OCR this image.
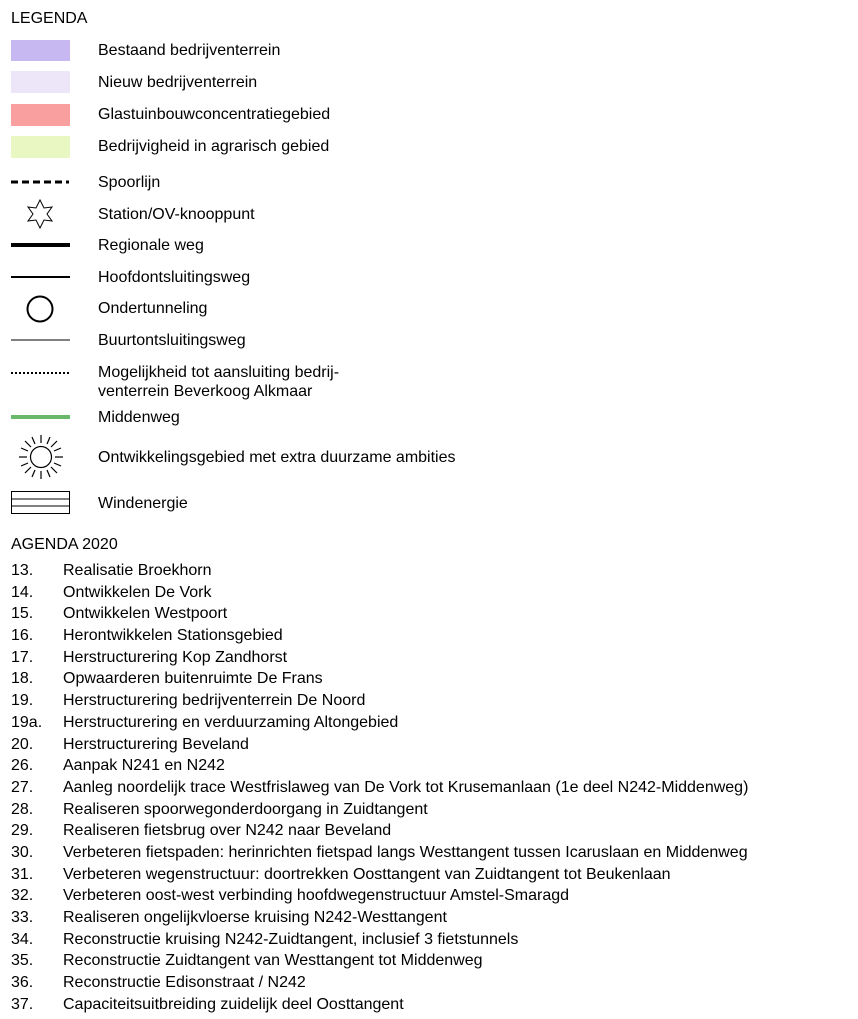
LEGENDA
Bestaand bedrijventerrein
Nieuw bedrijventerrein
Glastuinbouwconcentratiegebied
Bedrijvigheid in agrarisch gebied
Spoorlijn
Station/OV-knooppunt
Regionale weg
Hoofdontsluitingsweg
Ondertunneling
Buurtontsluitingsweg
Mogelijkheid tot aansluiting bedrij-
venterrein Beverkoog Alkmaar
Middenweg
Ontwikkelingsgebied met extra duurzame ambities
Windenergie
AGENDA 2020
13. Realisatie Broekhorn
14. Ontwikkelen De Vork
15. Ontwikkelen Westpoort
16. Herontwikkelen Stationsgebied
17. Herstructurering Kop Zandhorst
18. Opwaarderen buitenruimte De Frans
19. Herstructurering bedrijventerrein De Noord
19a. Herstructurering en verduurzaming Altongebied
20. Herstructurering Beveland
26. Aanpak N241 en N242
27. Aanleg noordelijk trace Westfrislaweg van De Vork tot Krusemanlaan (1e deel N242-Middenweg)
28. Realiseren spoorwegonderdoorgang in Zuidtangent
29. Realiseren fietsbrug over N242 naar Beveland
30. Verbeteren fietspaden: herinrichten fietspad langs Westtangent tussen Icaruslaan en Middenweg
31. Verbeteren wegenstructuur: doortrekken Oosttangent van Zuidtangent tot Beukenlaan
32. Verbeteren oost-west verbinding hoofdwegenstructuur Amstel-Smaragd
33. Realiseren ongelijkvloerse kruising N242-Westtangent
34. Reconstructie kruising N242-Zuidtangent, inclusief 3 fietstunnels
35. Reconstructie Zuidtangent van Westtangent tot Middenweg
36. Reconstructie Edisonstraat / N242
37. Capaciteitsuitbreiding zuidelijk deel Oosttangent
